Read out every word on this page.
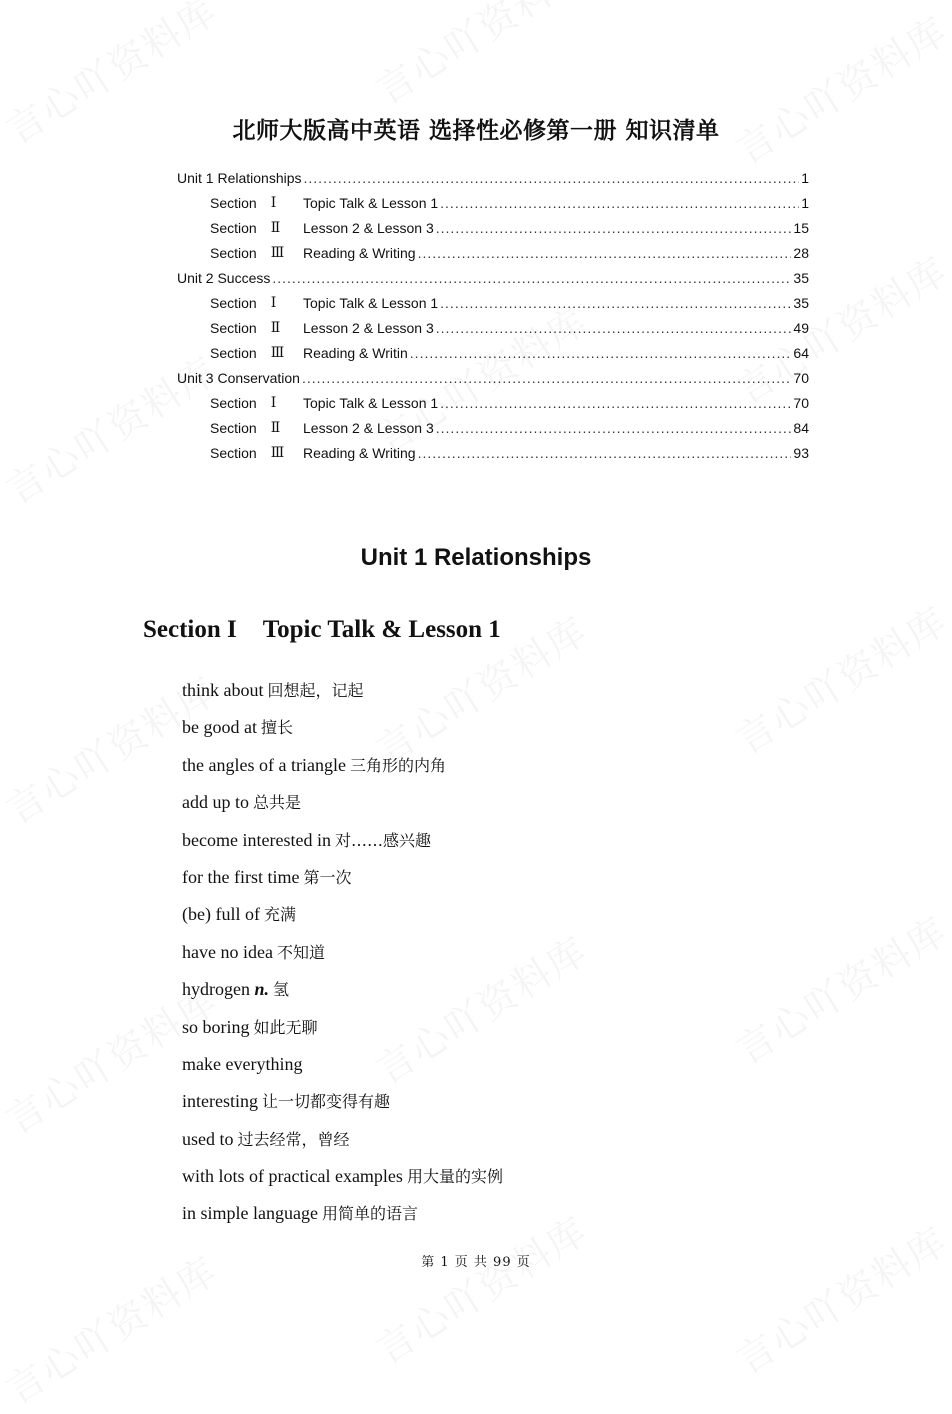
北师大版高中英语 选择性必修第一册 知识清单
Unit 1 Relationships .....	1
Section Ⅰ Topic Talk & Lesson 1 .....	1
Section Ⅱ Lesson 2 & Lesson 3 .....	15
Section Ⅲ Reading & Writing .....	28
Unit 2 Success .....	35
Section Ⅰ Topic Talk & Lesson 1 .....	35
Section Ⅱ Lesson 2 & Lesson 3 .....	49
Section Ⅲ Reading & Writin .....	64
Unit 3 Conservation .....	70
Section Ⅰ Topic Talk & Lesson 1 .....	70
Section Ⅱ Lesson 2 & Lesson 3 .....	84
Section Ⅲ Reading & Writing .....	93
Unit 1 Relationships
Section I Topic Talk & Lesson 1
think about 回想起，记起
be good at 擅长
the angles of a triangle 三角形的内角
add up to 总共是
become interested in 对……感兴趣
for the first time 第一次
(be) full of 充满
have no idea 不知道
hydrogen n. 氢
so boring 如此无聊
make everything
interesting 让一切都变得有趣
used to 过去经常，曾经
with lots of practical examples 用大量的实例
in simple language 用简单的语言
第 1 页 共 99 页
